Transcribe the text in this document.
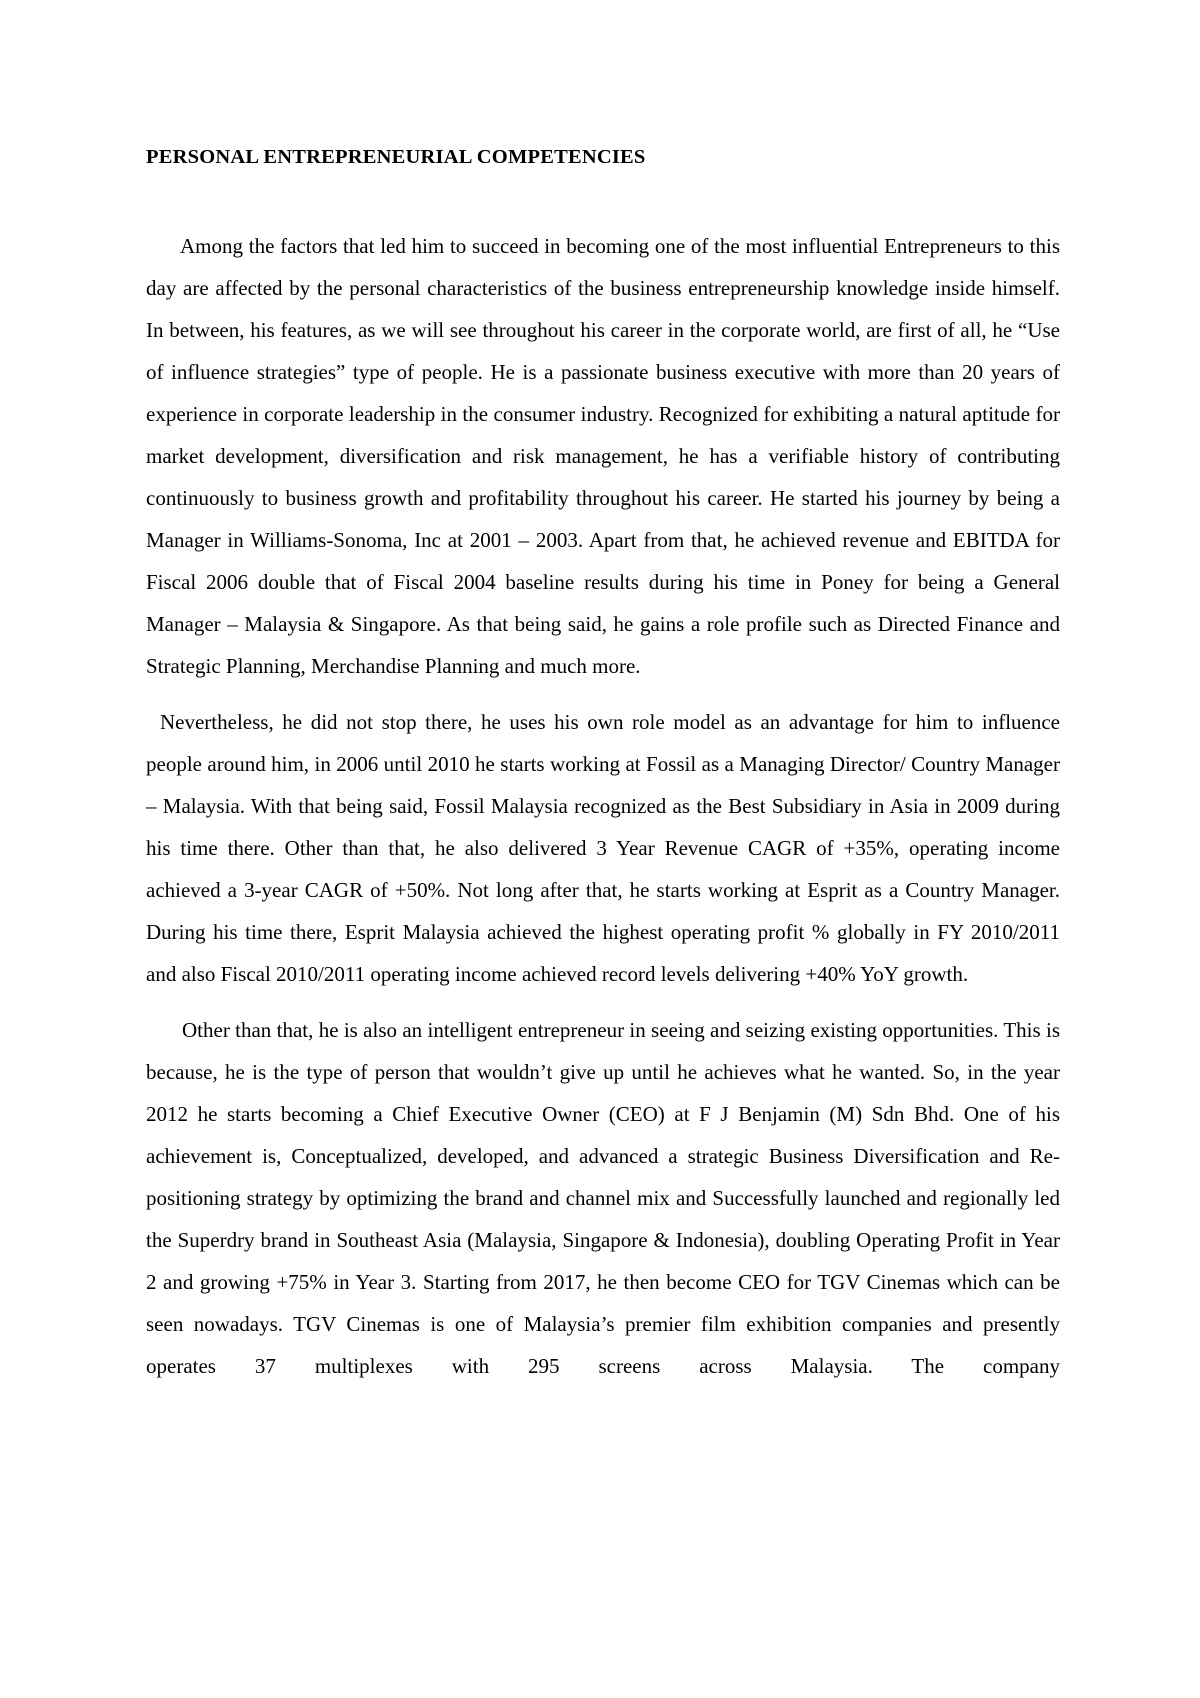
PERSONAL ENTREPRENEURIAL COMPETENCIES

Among the factors that led him to succeed in becoming one of the most influential Entrepreneurs to this day are affected by the personal characteristics of the business entrepreneurship knowledge inside himself. In between, his features, as we will see throughout his career in the corporate world, are first of all, he “Use of influence strategies” type of people. He is a passionate business executive with more than 20 years of experience in corporate leadership in the consumer industry. Recognized for exhibiting a natural aptitude for market development, diversification and risk management, he has a verifiable history of contributing continuously to business growth and profitability throughout his career. He started his journey by being a Manager in Williams-Sonoma, Inc at 2001 – 2003. Apart from that, he achieved revenue and EBITDA for Fiscal 2006 double that of Fiscal 2004 baseline results during his time in Poney for being a General Manager – Malaysia & Singapore. As that being said, he gains a role profile such as Directed Finance and Strategic Planning, Merchandise Planning and much more.

Nevertheless, he did not stop there, he uses his own role model as an advantage for him to influence people around him, in 2006 until 2010 he starts working at Fossil as a Managing Director/ Country Manager – Malaysia. With that being said, Fossil Malaysia recognized as the Best Subsidiary in Asia in 2009 during his time there. Other than that, he also delivered 3 Year Revenue CAGR of +35%, operating income achieved a 3-year CAGR of +50%. Not long after that, he starts working at Esprit as a Country Manager. During his time there, Esprit Malaysia achieved the highest operating profit % globally in FY 2010/2011 and also Fiscal 2010/2011 operating income achieved record levels delivering +40% YoY growth.

Other than that, he is also an intelligent entrepreneur in seeing and seizing existing opportunities. This is because, he is the type of person that wouldn’t give up until he achieves what he wanted. So, in the year 2012 he starts becoming a Chief Executive Owner (CEO) at F J Benjamin (M) Sdn Bhd. One of his achievement is, Conceptualized, developed, and advanced a strategic Business Diversification and Re-positioning strategy by optimizing the brand and channel mix and Successfully launched and regionally led the Superdry brand in Southeast Asia (Malaysia, Singapore & Indonesia), doubling Operating Profit in Year 2 and growing +75% in Year 3. Starting from 2017, he then become CEO for TGV Cinemas which can be seen nowadays. TGV Cinemas is one of Malaysia’s premier film exhibition companies and presently operates 37 multiplexes with 295 screens across Malaysia. The company
